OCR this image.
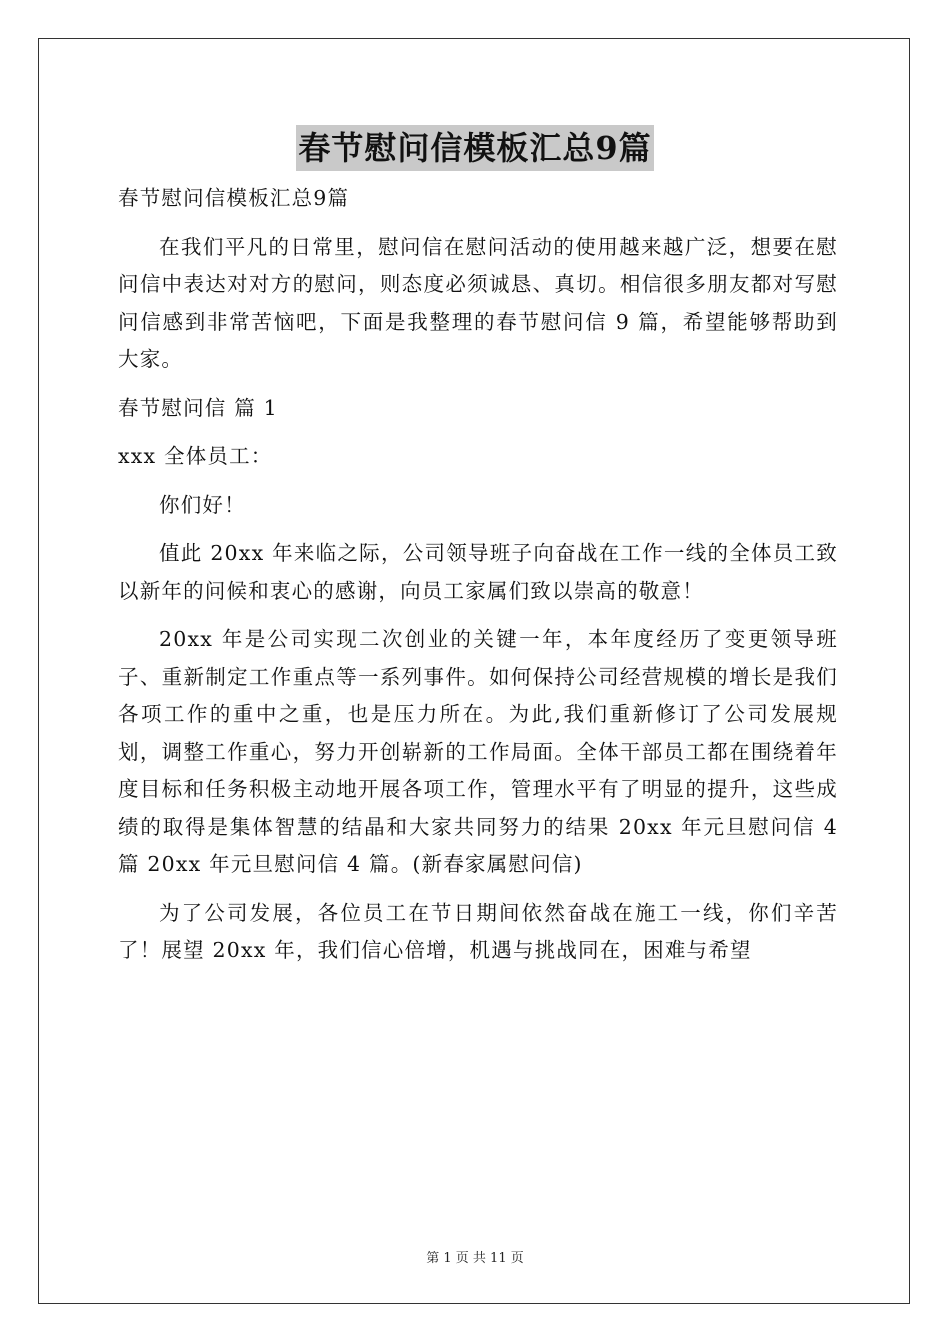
春节慰问信模板汇总9篇

春节慰问信模板汇总9篇

在我们平凡的日常里，慰问信在慰问活动的使用越来越广泛，想要在慰问信中表达对对方的慰问，则态度必须诚恳、真切。相信很多朋友都对写慰问信感到非常苦恼吧，下面是我整理的春节慰问信 9 篇，希望能够帮助到大家。

春节慰问信 篇 1

xxx 全体员工：

你们好！

值此 20xx 年来临之际，公司领导班子向奋战在工作一线的全体员工致以新年的问候和衷心的感谢，向员工家属们致以崇高的敬意！

20xx 年是公司实现二次创业的关键一年，本年度经历了变更领导班子、重新制定工作重点等一系列事件。如何保持公司经营规模的增长是我们各项工作的重中之重，也是压力所在。为此,我们重新修订了公司发展规划，调整工作重心，努力开创崭新的工作局面。全体干部员工都在围绕着年度目标和任务积极主动地开展各项工作，管理水平有了明显的提升，这些成绩的取得是集体智慧的结晶和大家共同努力的结果 20xx 年元旦慰问信 4 篇 20xx 年元旦慰问信 4 篇。(新春家属慰问信)

为了公司发展，各位员工在节日期间依然奋战在施工一线，你们辛苦了！展望 20xx 年，我们信心倍增，机遇与挑战同在，困难与希望

第 1 页 共 11 页
